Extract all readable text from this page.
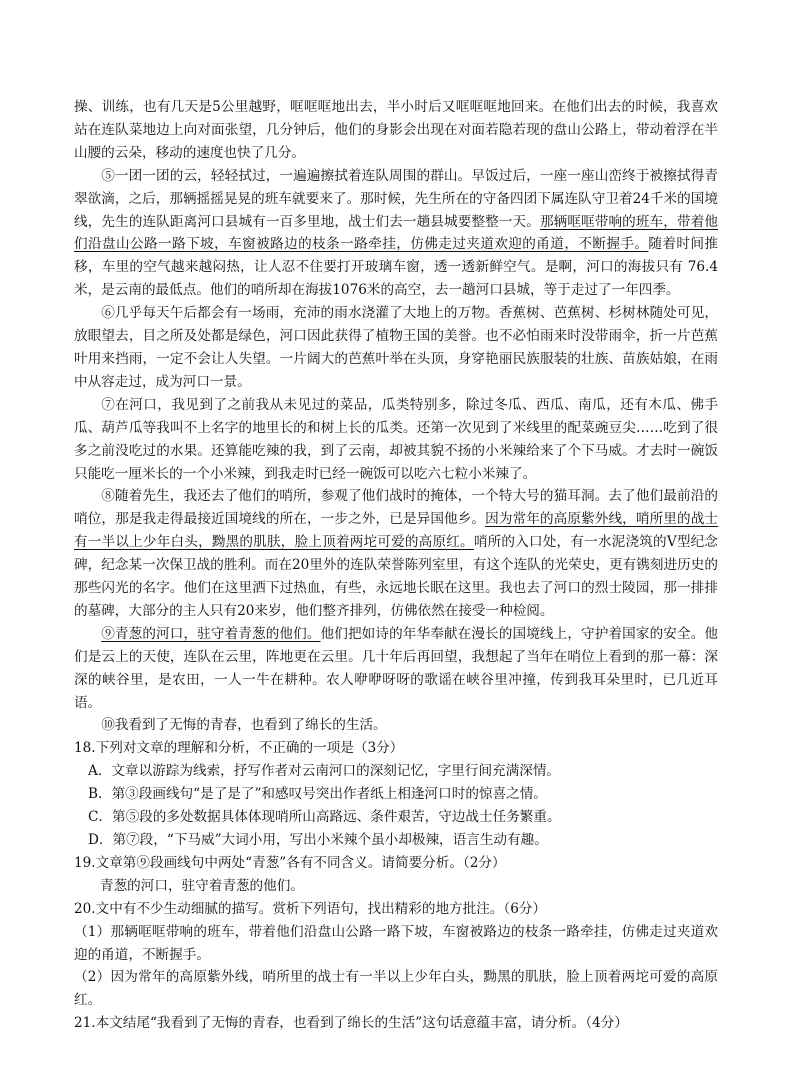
操、训练，也有几天是5公里越野，哐哐哐地出去，半小时后又哐哐哐地回来。在他们出去的时候，我喜欢站在连队菜地边上向对面张望，几分钟后，他们的身影会出现在对面若隐若现的盘山公路上，带动着浮在半山腰的云朵，移动的速度也快了几分。

⑤一团一团的云，轻轻拭过，一遍遍擦拭着连队周围的群山。早饭过后，一座一座山峦终于被擦拭得青翠欲滴，之后，那辆摇摇晃晃的班车就要来了。那时候，先生所在的守备四团下属连队守卫着24千米的国境线，先生的连队距离河口县城有一百多里地，战士们去一趟县城要整整一天。那辆哐哐带响的班车，带着他们沿盘山公路一路下坡，车窗被路边的枝条一路牵挂，仿佛走过夹道欢迎的甬道，不断握手。随着时间推移，车里的空气越来越闷热，让人忍不住要打开玻璃车窗，透一透新鲜空气。是啊，河口的海拔只有 76.4米，是云南的最低点。他们的哨所却在海拔1076米的高空，去一趟河口县城，等于走过了一年四季。

⑥几乎每天午后都会有一场雨，充沛的雨水浇灌了大地上的万物。香蕉树、芭蕉树、杉树林随处可见，放眼望去，目之所及处都是绿色，河口因此获得了植物王国的美誉。也不必怕雨来时没带雨伞，折一片芭蕉叶用来挡雨，一定不会让人失望。一片阔大的芭蕉叶举在头顶，身穿艳丽民族服装的壮族、苗族姑娘，在雨中从容走过，成为河口一景。

⑦在河口，我见到了之前我从未见过的菜品，瓜类特别多，除过冬瓜、西瓜、南瓜，还有木瓜、佛手瓜、葫芦瓜等我叫不上名字的地里长的和树上长的瓜类。还第一次见到了米线里的配菜豌豆尖……吃到了很多之前没吃过的水果。还算能吃辣的我，到了云南，却被其貌不扬的小米辣给来了个下马威。才去时一碗饭只能吃一厘米长的一个小米辣，到我走时已经一碗饭可以吃六七粒小米辣了。

⑧随着先生，我还去了他们的哨所，参观了他们战时的掩体，一个特大号的猫耳洞。去了他们最前沿的哨位，那是我走得最接近国境线的所在，一步之外，已是异国他乡。因为常年的高原紫外线，哨所里的战士有一半以上少年白头，黝黑的肌肤，脸上顶着两坨可爱的高原红。哨所的入口处，有一水泥浇筑的V型纪念碑，纪念某一次保卫战的胜利。而在20里外的连队荣誉陈列室里，有这个连队的光荣史，更有镌刻进历史的那些闪光的名字。他们在这里洒下过热血，有些，永远地长眠在这里。我也去了河口的烈士陵园，那一排排的墓碑，大部分的主人只有20来岁，他们整齐排列，仿佛依然在接受一种检阅。

⑨青葱的河口，驻守着青葱的他们。他们把如诗的年华奉献在漫长的国境线上，守护着国家的安全。他们是云上的天使，连队在云里，阵地更在云里。几十年后再回望，我想起了当年在哨位上看到的那一幕：深深的峡谷里，是农田，一人一牛在耕种。农人咿咿呀呀的歌谣在峡谷里冲撞，传到我耳朵里时，已几近耳语。

⑩我看到了无悔的青春，也看到了绵长的生活。

18.下列对文章的理解和分析，不正确的一项是（3分）

A．文章以游踪为线索，抒写作者对云南河口的深刻记忆，字里行间充满深情。

B．第③段画线句“是了是了”和感叹号突出作者纸上相逢河口时的惊喜之情。

C．第⑤段的多处数据具体体现哨所山高路远、条件艰苦，守边战士任务繁重。

D．第⑦段，“下马威”大词小用，写出小米辣个虽小却极辣，语言生动有趣。

19.文章第⑨段画线句中两处“青葱”各有不同含义。请简要分析。（2分）

青葱的河口，驻守着青葱的他们。

20.文中有不少生动细腻的描写。赏析下列语句，找出精彩的地方批注。（6分）

（1）那辆哐哐带响的班车，带着他们沿盘山公路一路下坡，车窗被路边的枝条一路牵挂，仿佛走过夹道欢迎的甬道，不断握手。

（2）因为常年的高原紫外线，哨所里的战士有一半以上少年白头，黝黑的肌肤，脸上顶着两坨可爱的高原红。

21.本文结尾“我看到了无悔的青春，也看到了绵长的生活”这句话意蕴丰富，请分析。（4分）
